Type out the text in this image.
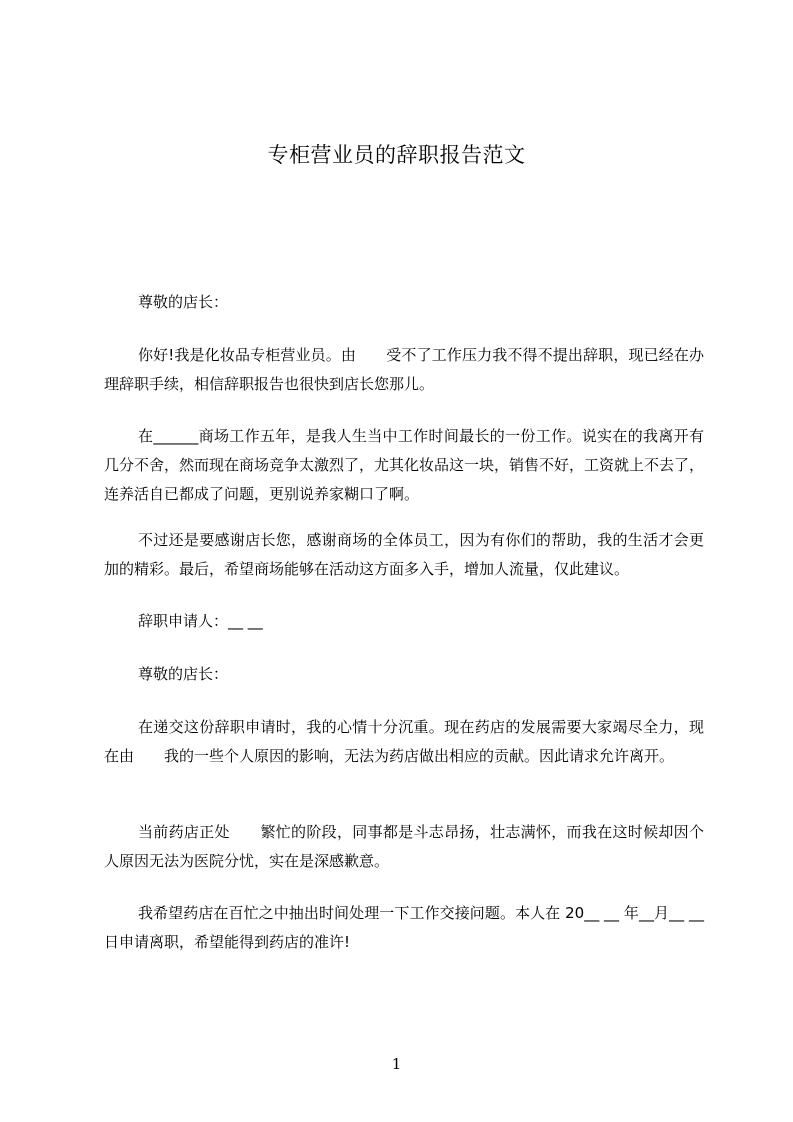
专柜营业员的辞职报告范文

尊敬的店长：

你好!我是化妆品专柜营业员。由　　受不了工作压力我不得不提出辞职，现已经在办理辞职手续，相信辞职报告也很快到店长您那儿。

在______商场工作五年，是我人生当中工作时间最长的一份工作。说实在的我离开有几分不舍，然而现在商场竞争太激烈了，尤其化妆品这一块，销售不好，工资就上不去了，连养活自已都成了问题，更别说养家糊口了啊。

不过还是要感谢店长您，感谢商场的全体员工，因为有你们的帮助，我的生活才会更加的精彩。最后，希望商场能够在活动这方面多入手，增加人流量，仅此建议。

辞职申请人：__ __

尊敬的店长：

在递交这份辞职申请时，我的心情十分沉重。现在药店的发展需要大家竭尽全力，现在由　　我的一些个人原因的影响，无法为药店做出相应的贡献。因此请求允许离开。

当前药店正处　　繁忙的阶段，同事都是斗志昂扬，壮志满怀，而我在这时候却因个人原因无法为医院分忧，实在是深感歉意。

我希望药店在百忙之中抽出时间处理一下工作交接问题。本人在 20__ __ 年__月__ __ 日申请离职，希望能得到药店的准许!

1
